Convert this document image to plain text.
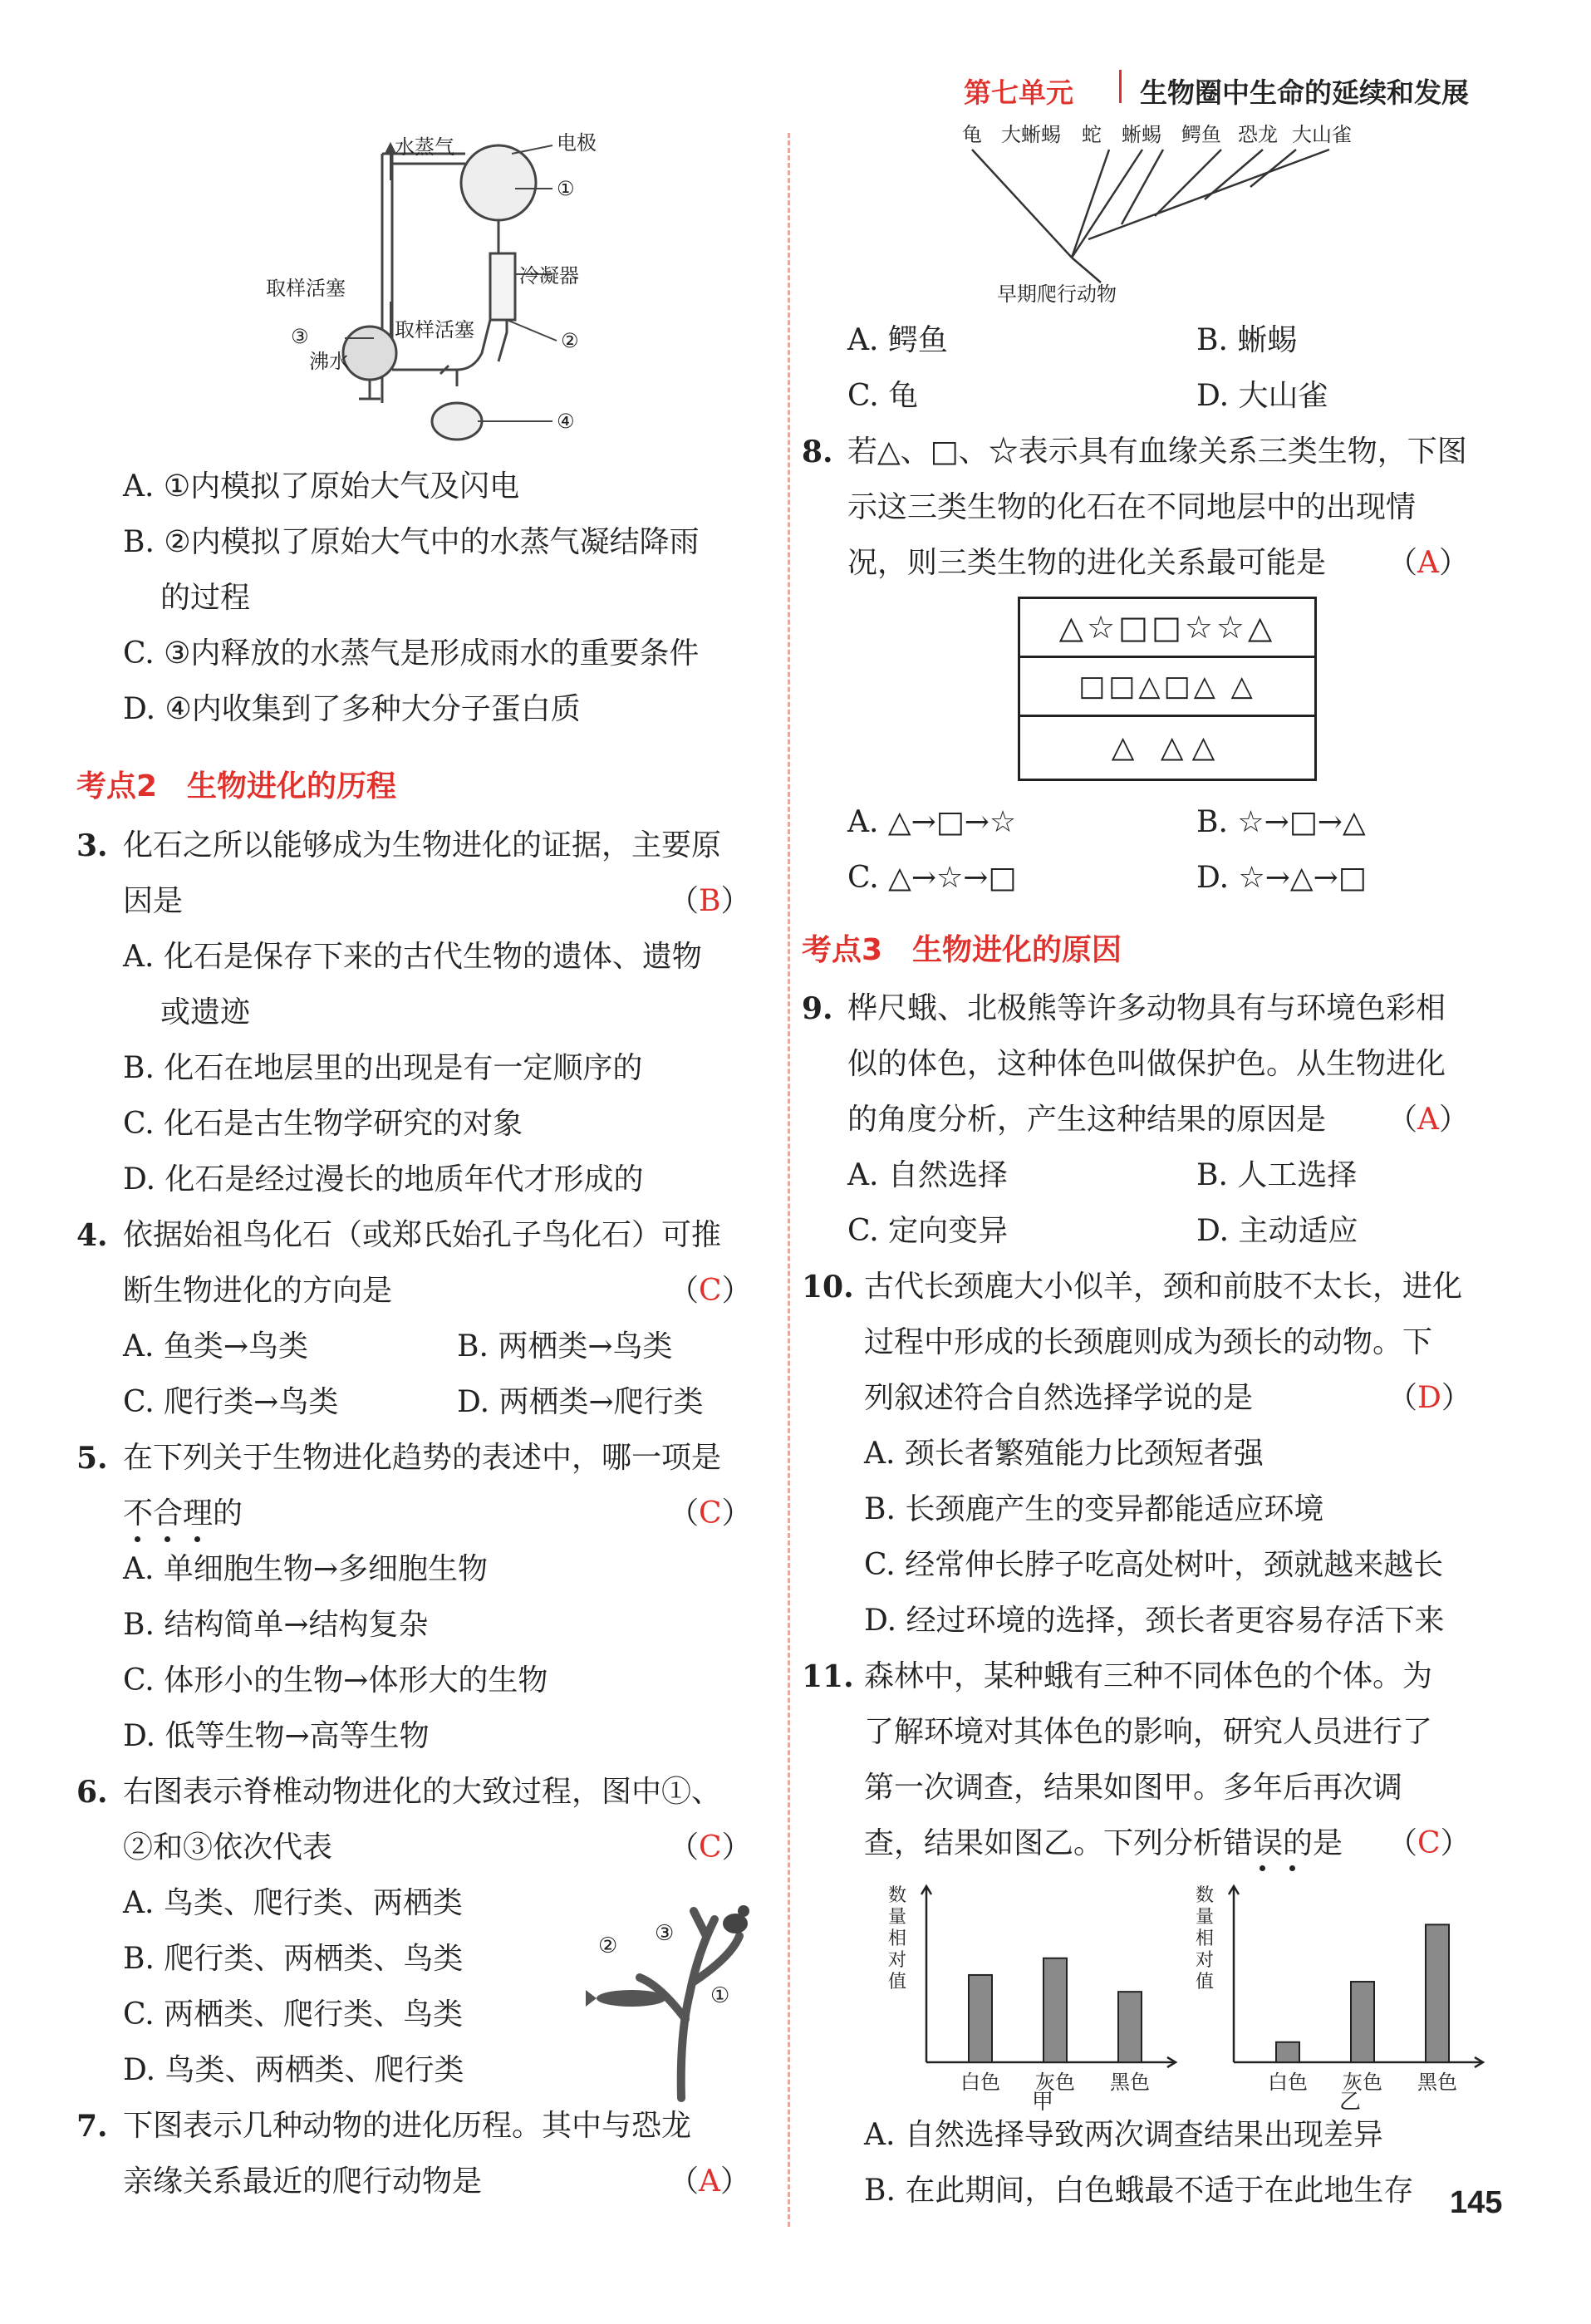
第七单元 生物圈中生命的延续和发展
水蒸气	电极
①
冷凝器
取样活塞
取样活塞	②
③
沸水
④
A. ①内模拟了原始大气及闪电
B. ②内模拟了原始大气中的水蒸气凝结降雨
的过程
C. ③内释放的水蒸气是形成雨水的重要条件
D. ④内收集到了多种大分子蛋白质
考点2　生物进化的历程
3. 化石之所以能够成为生物进化的证据，主要原
因是	（B）
A. 化石是保存下来的古代生物的遗体、遗物
或遗迹
B. 化石在地层里的出现是有一定顺序的
C. 化石是古生物学研究的对象
D. 化石是经过漫长的地质年代才形成的
4. 依据始祖鸟化石（或郑氏始孔子鸟化石）可推
断生物进化的方向是	（C）
A. 鱼类→鸟类	B. 两栖类→鸟类
C. 爬行类→鸟类	D. 两栖类→爬行类
5. 在下列关于生物进化趋势的表述中，哪一项是
不合理的	（C）
A. 单细胞生物→多细胞生物
B. 结构简单→结构复杂
C. 体形小的生物→体形大的生物
D. 低等生物→高等生物
6. 右图表示脊椎动物进化的大致过程，图中①、
②和③依次代表	（C）
A. 鸟类、爬行类、两栖类
B. 爬行类、两栖类、鸟类
C. 两栖类、爬行类、鸟类
D. 鸟类、两栖类、爬行类
①
② ③
7. 下图表示几种动物的进化历程。其中与恐龙
亲缘关系最近的爬行动物是	（A）
龟 大蜥蜴 蛇 蜥蜴 鳄鱼 恐龙 大山雀
早期爬行动物
A. 鳄鱼	B. 蜥蜴
C. 龟	D. 大山雀
8. 若△、□、☆表示具有血缘关系三类生物，下图
示这三类生物的化石在不同地层中的出现情
况，则三类生物的进化关系最可能是 （A）
△☆□□☆☆△
□□△□△ △
△ △△
A. △→□→☆	B. ☆→□→△
C. △→☆→□	D. ☆→△→□
考点3　生物进化的原因
9. 桦尺蛾、北极熊等许多动物具有与环境色彩相
似的体色，这种体色叫做保护色。从生物进化
的角度分析，产生这种结果的原因是 （A）
A. 自然选择	B. 人工选择
C. 定向变异	D. 主动适应
10. 古代长颈鹿大小似羊，颈和前肢不太长，进化
过程中形成的长颈鹿则成为颈长的动物。下
列叙述符合自然选择学说的是	（D）
A. 颈长者繁殖能力比颈短者强
B. 长颈鹿产生的变异都能适应环境
C. 经常伸长脖子吃高处树叶，颈就越来越长
D. 经过环境的选择，颈长者更容易存活下来
11. 森林中，某种蛾有三种不同体色的个体。为
了解环境对其体色的影响，研究人员进行了
第一次调查，结果如图甲。多年后再次调
查，结果如图乙。下列分析错误的是 （C）
数
量
相
对
值
白色 灰色 黑色
甲
数
量
相
对
值
白色 灰色 黑色
乙
A. 自然选择导致两次调查结果出现差异
B. 在此期间，白色蛾最不适于在此地生存 145
